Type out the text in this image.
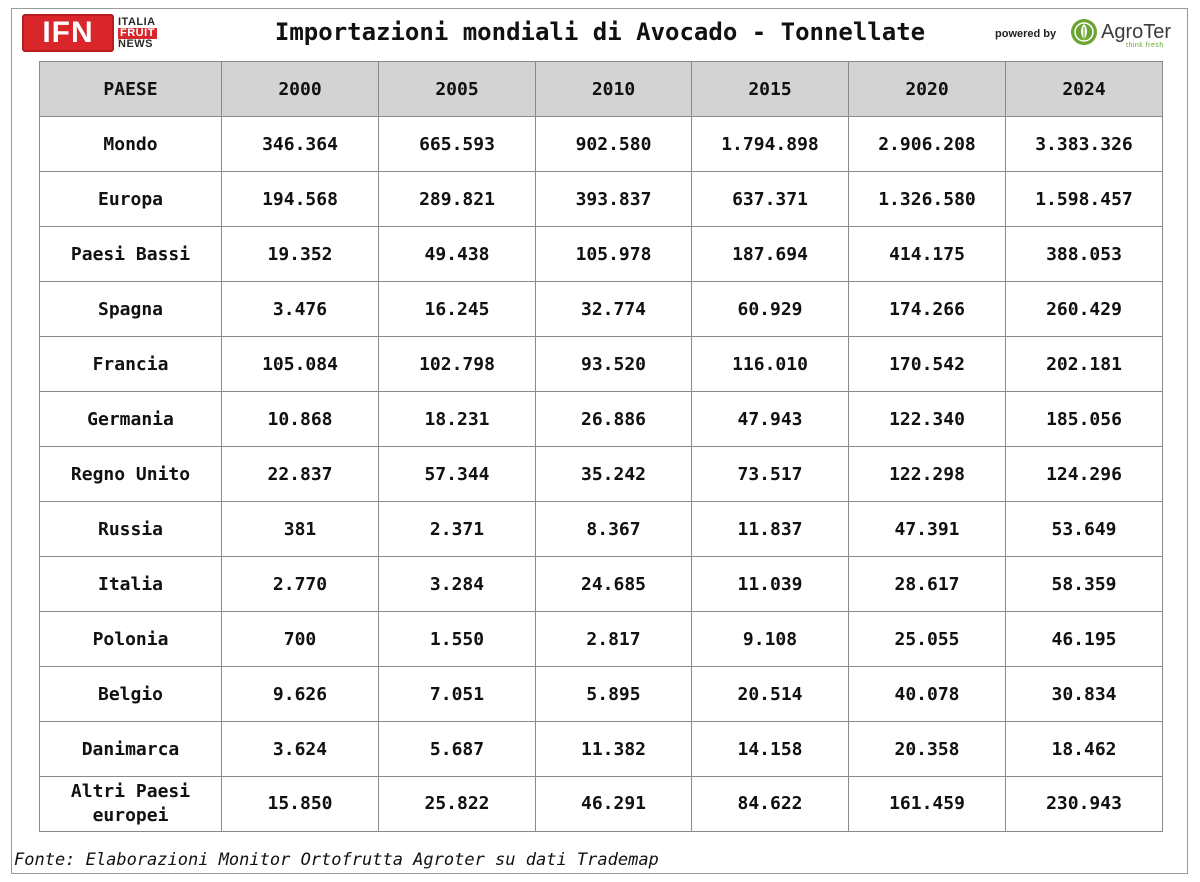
IFN	ITALIA
FRUIT
NEWS	Importazioni mondiali di Avocado - Tonnellate	powered by AgroTer
think fresh
PAESE	2000	2005	2010	2015	2020	2024
Mondo	346.364	665.593	902.580	1.794.898	2.906.208	3.383.326
Europa	194.568	289.821	393.837	637.371	1.326.580	1.598.457
Paesi Bassi	19.352	49.438	105.978	187.694	414.175	388.053
Spagna	3.476	16.245	32.774	60.929	174.266	260.429
Francia	105.084	102.798	93.520	116.010	170.542	202.181
Germania	10.868	18.231	26.886	47.943	122.340	185.056
Regno Unito	22.837	57.344	35.242	73.517	122.298	124.296
Russia	381	2.371	8.367	11.837	47.391	53.649
Italia	2.770	3.284	24.685	11.039	28.617	58.359
Polonia	700	1.550	2.817	9.108	25.055	46.195
Belgio	9.626	7.051	5.895	20.514	40.078	30.834
Danimarca	3.624	5.687	11.382	14.158	20.358	18.462
Altri Paesi
europei	15.850	25.822	46.291	84.622	161.459	230.943
Fonte: Elaborazioni Monitor Ortofrutta Agroter su dati Trademap
